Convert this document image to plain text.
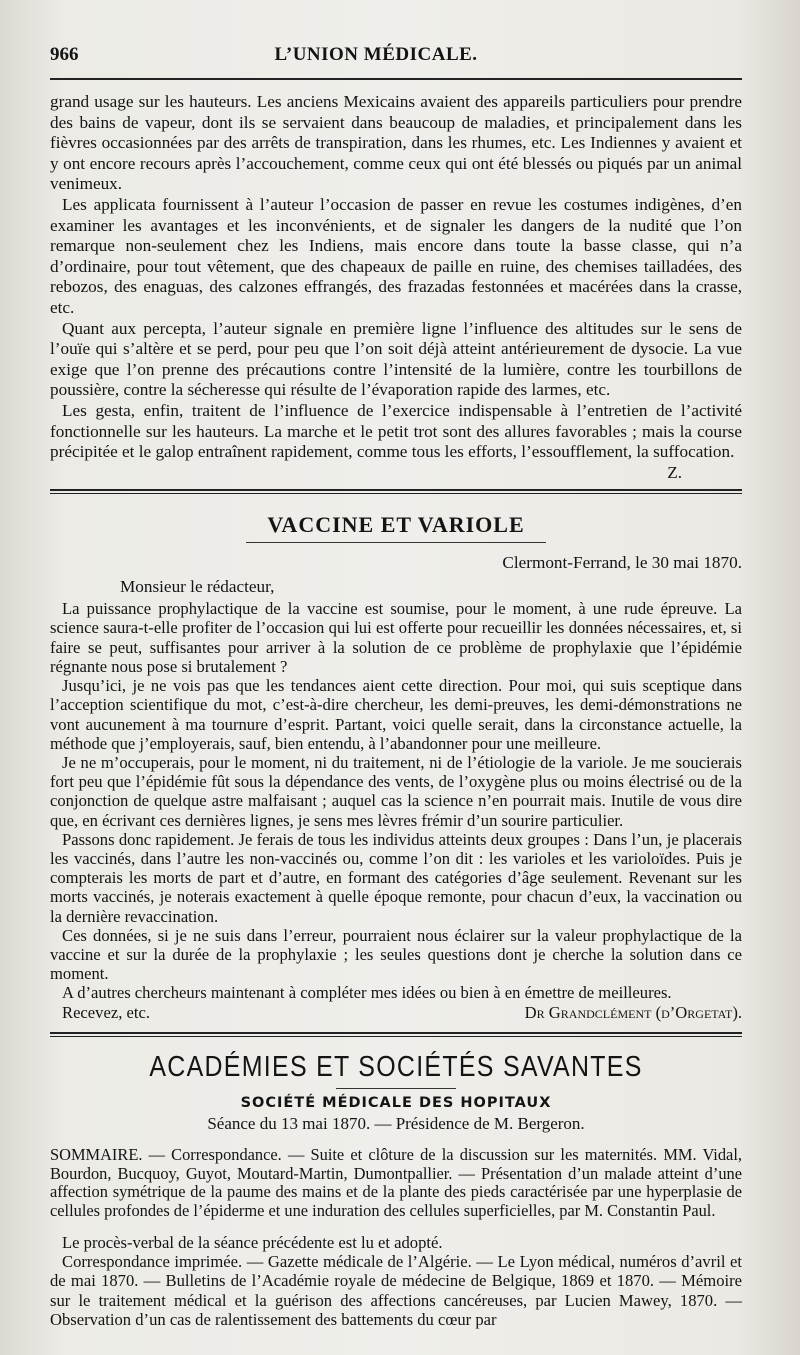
966	L’UNION MÉDICALE.

grand usage sur les hauteurs. Les anciens Mexicains avaient des appareils particuliers pour prendre des bains de vapeur, dont ils se servaient dans beaucoup de maladies, et principalement dans les fièvres occasionnées par des arrêts de transpiration, dans les rhumes, etc. Les Indiennes y avaient et y ont encore recours après l’accouchement, comme ceux qui ont été blessés ou piqués par un animal venimeux.

Les applicata fournissent à l’auteur l’occasion de passer en revue les costumes indigènes, d’en examiner les avantages et les inconvénients, et de signaler les dangers de la nudité que l’on remarque non-seulement chez les Indiens, mais encore dans toute la basse classe, qui n’a d’ordinaire, pour tout vêtement, que des chapeaux de paille en ruine, des chemises tailladées, des rebozos, des enaguas, des calzones effrangés, des frazadas festonnées et macérées dans la crasse, etc.

Quant aux percepta, l’auteur signale en première ligne l’influence des altitudes sur le sens de l’ouïe qui s’altère et se perd, pour peu que l’on soit déjà atteint antérieurement de dysocie. La vue exige que l’on prenne des précautions contre l’intensité de la lumière, contre les tourbillons de poussière, contre la sécheresse qui résulte de l’évaporation rapide des larmes, etc.

Les gesta, enfin, traitent de l’influence de l’exercice indispensable à l’entretien de l’activité fonctionnelle sur les hauteurs. La marche et le petit trot sont des allures favorables ; mais la course précipitée et le galop entraînent rapidement, comme tous les efforts, l’essoufflement, la suffocation.

Z.

VACCINE ET VARIOLE
Clermont-Ferrand, le 30 mai 1870.
Monsieur le rédacteur,

La puissance prophylactique de la vaccine est soumise, pour le moment, à une rude épreuve. La science saura-t-elle profiter de l’occasion qui lui est offerte pour recueillir les données nécessaires, et, si faire se peut, suffisantes pour arriver à la solution de ce problème de prophylaxie que l’épidémie régnante nous pose si brutalement ?

Jusqu’ici, je ne vois pas que les tendances aient cette direction. Pour moi, qui suis sceptique dans l’acception scientifique du mot, c’est-à-dire chercheur, les demi-preuves, les demi-démonstrations ne vont aucunement à ma tournure d’esprit. Partant, voici quelle serait, dans la circonstance actuelle, la méthode que j’employerais, sauf, bien entendu, à l’abandonner pour une meilleure.

Je ne m’occuperais, pour le moment, ni du traitement, ni de l’étiologie de la variole. Je me soucierais fort peu que l’épidémie fût sous la dépendance des vents, de l’oxygène plus ou moins électrisé ou de la conjonction de quelque astre malfaisant ; auquel cas la science n’en pourrait mais. Inutile de vous dire que, en écrivant ces dernières lignes, je sens mes lèvres frémir d’un sourire particulier.

Passons donc rapidement. Je ferais de tous les individus atteints deux groupes : Dans l’un, je placerais les vaccinés, dans l’autre les non-vaccinés ou, comme l’on dit : les varioles et les varioloïdes. Puis je compterais les morts de part et d’autre, en formant des catégories d’âge seulement. Revenant sur les morts vaccinés, je noterais exactement à quelle époque remonte, pour chacun d’eux, la vaccination ou la dernière revaccination.

Ces données, si je ne suis dans l’erreur, pourraient nous éclairer sur la valeur prophylactique de la vaccine et sur la durée de la prophylaxie ; les seules questions dont je cherche la solution dans ce moment.

A d’autres chercheurs maintenant à compléter mes idées ou bien à en émettre de meilleures.

Recevez, etc.	Dr Grandclément (d’Orgetat).

ACADÉMIES ET SOCIÉTÉS SAVANTES
SOCIÉTÉ MÉDICALE DES HOPITAUX
Séance du 13 mai 1870. — Présidence de M. Bergeron.

SOMMAIRE. — Correspondance. — Suite et clôture de la discussion sur les maternités. MM. Vidal, Bourdon, Bucquoy, Guyot, Moutard-Martin, Dumontpallier. — Présentation d’un malade atteint d’une affection symétrique de la paume des mains et de la plante des pieds caractérisée par une hyperplasie de cellules profondes de l’épiderme et une induration des cellules superficielles, par M. Constantin Paul.

Le procès-verbal de la séance précédente est lu et adopté.

Correspondance imprimée. — Gazette médicale de l’Algérie. — Le Lyon médical, numéros d’avril et de mai 1870. — Bulletins de l’Académie royale de médecine de Belgique, 1869 et 1870. — Mémoire sur le traitement médical et la guérison des affections cancéreuses, par Lucien Mawey, 1870. — Observation d’un cas de ralentissement des battements du cœur par
